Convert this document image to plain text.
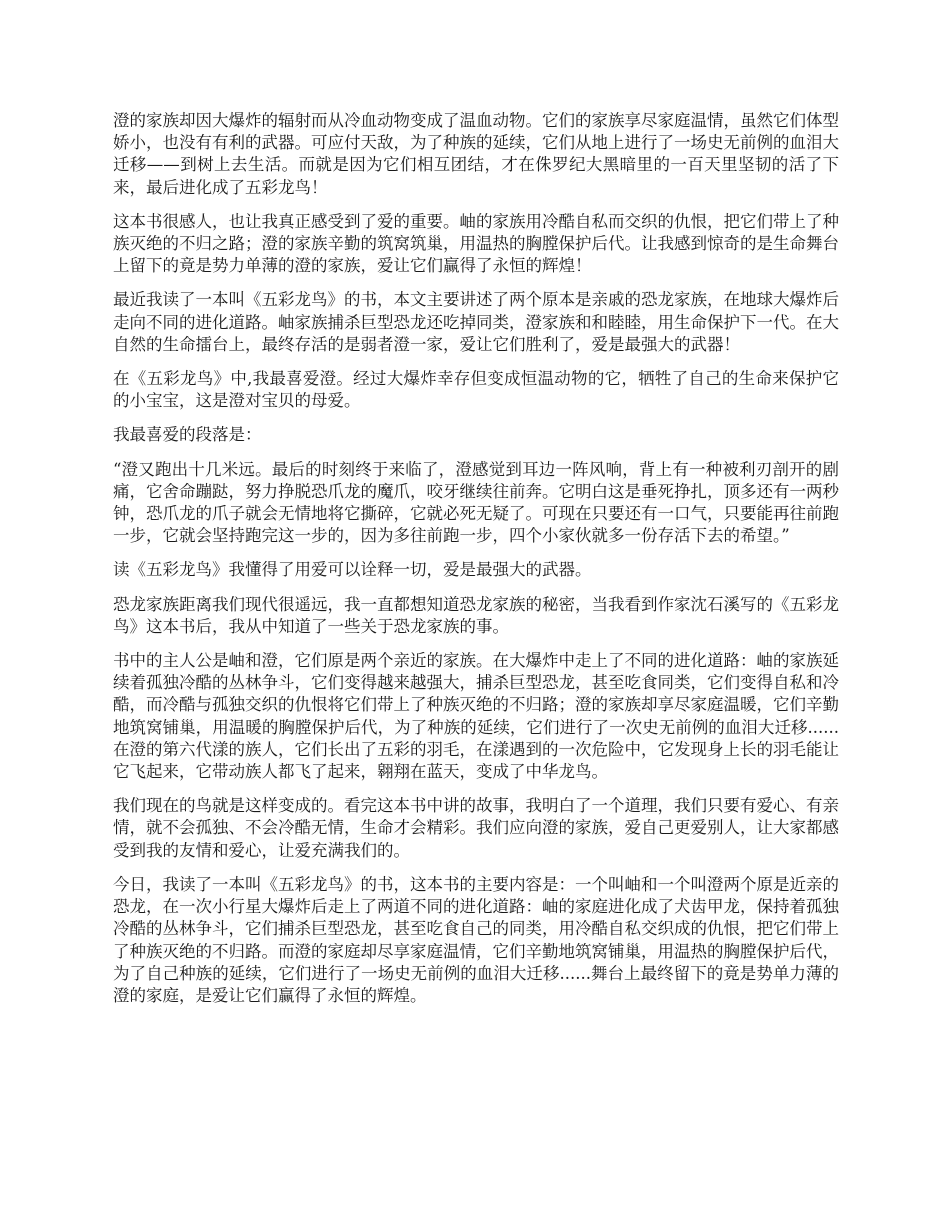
澄的家族却因大爆炸的辐射而从冷血动物变成了温血动物。它们的家族享尽家庭温情，虽然它们体型娇小，也没有有利的武器。可应付天敌，为了种族的延续，它们从地上进行了一场史无前例的血泪大迁移——到树上去生活。而就是因为它们相互团结，才在侏罗纪大黑暗里的一百天里坚韧的活了下来，最后进化成了五彩龙鸟！

这本书很感人，也让我真正感受到了爱的重要。岫的家族用冷酷自私而交织的仇恨，把它们带上了种族灭绝的不归之路；澄的家族辛勤的筑窝筑巢，用温热的胸膛保护后代。让我感到惊奇的是生命舞台上留下的竟是势力单薄的澄的家族，爱让它们赢得了永恒的辉煌！

最近我读了一本叫《五彩龙鸟》的书，本文主要讲述了两个原本是亲戚的恐龙家族，在地球大爆炸后走向不同的进化道路。岫家族捕杀巨型恐龙还吃掉同类，澄家族和和睦睦，用生命保护下一代。在大自然的生命擂台上，最终存活的是弱者澄一家，爱让它们胜利了，爱是最强大的武器！

在《五彩龙鸟》中,我最喜爱澄。经过大爆炸幸存但变成恒温动物的它，牺牲了自己的生命来保护它的小宝宝，这是澄对宝贝的母爱。

我最喜爱的段落是：

“澄又跑出十几米远。最后的时刻终于来临了，澄感觉到耳边一阵风响，背上有一种被利刃剖开的剧痛，它舍命蹦跶，努力挣脱恐爪龙的魔爪，咬牙继续往前奔。它明白这是垂死挣扎，顶多还有一两秒钟，恐爪龙的爪子就会无情地将它撕碎，它就必死无疑了。可现在只要还有一口气，只要能再往前跑一步，它就会坚持跑完这一步的，因为多往前跑一步，四个小家伙就多一份存活下去的希望。”

读《五彩龙鸟》我懂得了用爱可以诠释一切，爱是最强大的武器。

恐龙家族距离我们现代很遥远，我一直都想知道恐龙家族的秘密，当我看到作家沈石溪写的《五彩龙鸟》这本书后，我从中知道了一些关于恐龙家族的事。

书中的主人公是岫和澄，它们原是两个亲近的家族。在大爆炸中走上了不同的进化道路：岫的家族延续着孤独冷酷的丛林争斗，它们变得越来越强大，捕杀巨型恐龙，甚至吃食同类，它们变得自私和冷酷，而冷酷与孤独交织的仇恨将它们带上了种族灭绝的不归路；澄的家族却享尽家庭温暖，它们辛勤地筑窝铺巢，用温暖的胸膛保护后代，为了种族的延续，它们进行了一次史无前例的血泪大迁移......在澄的第六代漾的族人，它们长出了五彩的羽毛，在漾遇到的一次危险中，它发现身上长的羽毛能让它飞起来，它带动族人都飞了起来，翱翔在蓝天，变成了中华龙鸟。

我们现在的鸟就是这样变成的。看完这本书中讲的故事，我明白了一个道理，我们只要有爱心、有亲情，就不会孤独、不会冷酷无情，生命才会精彩。我们应向澄的家族，爱自己更爱别人，让大家都感受到我的友情和爱心，让爱充满我们的。

今日，我读了一本叫《五彩龙鸟》的书，这本书的主要内容是：一个叫岫和一个叫澄两个原是近亲的恐龙，在一次小行星大爆炸后走上了两道不同的进化道路：岫的家庭进化成了犬齿甲龙，保持着孤独冷酷的丛林争斗，它们捕杀巨型恐龙，甚至吃食自己的同类，用冷酷自私交织成的仇恨，把它们带上了种族灭绝的不归路。而澄的家庭却尽享家庭温情，它们辛勤地筑窝铺巢，用温热的胸膛保护后代，为了自己种族的延续，它们进行了一场史无前例的血泪大迁移......舞台上最终留下的竟是势单力薄的澄的家庭，是爱让它们赢得了永恒的辉煌。
